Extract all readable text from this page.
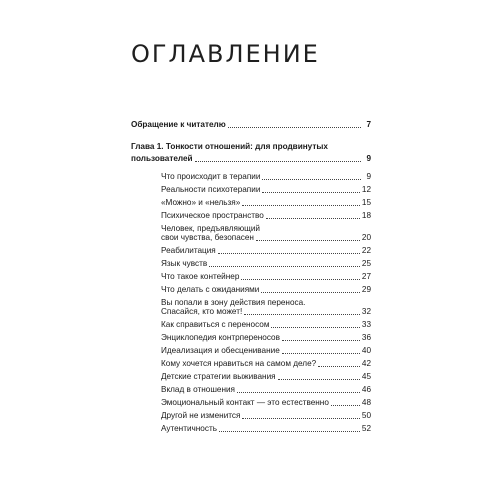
ОГЛАВЛЕНИЕ
Обращение к читателю	7
Глава 1. Тонкости отношений: для продвинутых
пользователей	9
Что происходит в терапии	9
Реальности психотерапии	12
«Можно» и «нельзя»	15
Психическое пространство	18
Человек, предъявляющий
свои чувства, безопасен	20
Реабилитация	22
Язык чувств	25
Что такое контейнер	27
Что делать с ожиданиями	29
Вы попали в зону действия переноса.
Спасайся, кто может!	32
Как справиться с переносом	33
Энциклопедия контрпереносов	36
Идеализация и обесценивание	40
Кому хочется нравиться на самом деле?	42
Детские стратегии выживания	45
Вклад в отношения	46
Эмоциональный контакт — это естественно	48
Другой не изменится	50
Аутентичность	52
